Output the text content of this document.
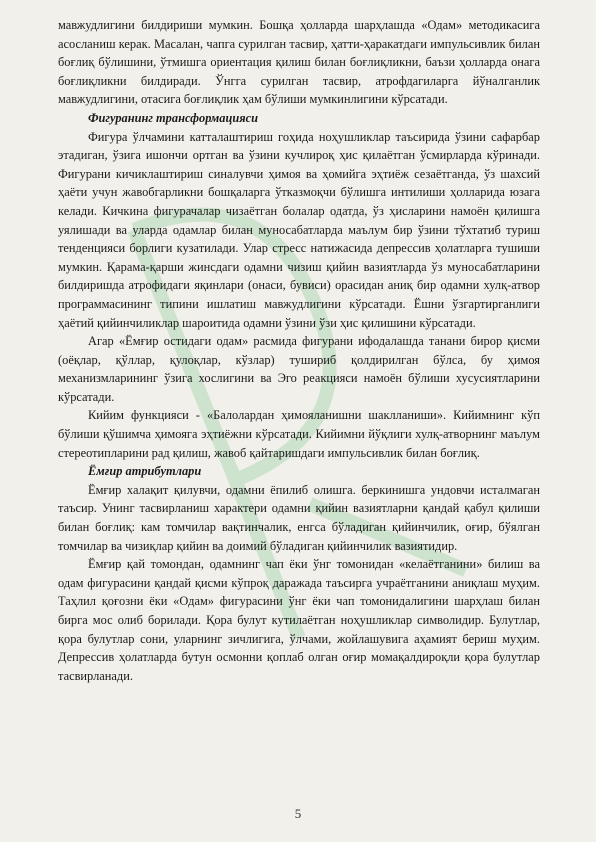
мавжудлигини билдириши мумкин. Бошқа ҳолларда шарҳлашда «Одам» методикасига асосланиш керак. Масалан, чапга сурилган тасвир, ҳатти-ҳаракатдаги импульсивлик билан боғлиқ бўлишини, ўтмишга ориентация қилиш билан боғлиқликни, баъзи ҳолларда онага боғлиқликни билдиради. Ўнгга сурилган тасвир, атрофдагиларга йўналганлик мавжудлигини, отасига боғлиқлик ҳам бўлиши мумкинлигини кўрсатади.

Фигуранинг трансформацияси

Фигура ўлчамини катталаштириш гоҳида ноҳушликлар таъсирида ўзини сафарбар этадиган, ўзига ишончи ортган ва ўзини кучлироқ ҳис қилаётган ўсмирларда кўринади. Фигурани кичиклаштириш синалувчи ҳимоя ва ҳомийга эҳтиёж сезаётганда, ўз шахсий ҳаёти учун жавобгарликни бошқаларга ўтказмоқчи бўлишга интилиши ҳолларида юзага келади. Кичкина фигурачалар чизаётган болалар одатда, ўз ҳисларини намоён қилишга уялишади ва уларда одамлар билан муносабатларда маълум бир ўзини тўхтатиб туриш тенденцияси борлиги кузатилади. Улар стресс натижасида депрессив ҳолатларга тушиши мумкин. Қарама-қарши жинсдаги одамни чизиш қийин вазиятларда ўз муносабатларини билдиришда атрофидаги яқинлари (онаси, бувиси) орасидан аниқ бир одамни хулқ-атвор программасининг типини ишлатиш мавжудлигини кўрсатади. Ёшни ўзгартирганлиги ҳаётий қийинчиликлар шароитида одамни ўзини ўзи ҳис қилишини кўрсатади.

Агар «Ёмғир остидаги одам» расмида фигурани ифодалашда танани бирор қисми (оёқлар, қўллар, қулоқлар, кўзлар) тушириб қолдирилган бўлса, бу ҳимоя механизмларининг ўзига хослигини ва Эго реакцияси намоён бўлиши хусусиятларини кўрсатади.

Кийим функцияси - «Балолардан ҳимояланишни шаклланиши». Кийимнинг кўп бўлиши қўшимча ҳимояга эҳтиёжни кўрсатади. Кийимни йўқлиги хулқ-атворнинг маълум стереотипларини рад қилиш, жавоб қайтаришдаги импульсивлик билан боғлиқ.

Ёмғир атрибутлари

Ёмғир халақит қилувчи, одамни ёпилиб олишга. беркинишга ундовчи исталмаган таъсир. Унинг тасвирланиш характери одамни қийин вазиятларни қандай қабул қилиши билан боғлиқ: кам томчилар вақтинчалик, енгса бўладиган қийинчилик, оғир, бўялган томчилар ва чизиқлар қийин ва доимий бўладиган қийинчилик вазиятидир.

Ёмғир қай томондан, одамнинг чап ёки ўнг томонидан «келаётганини» билиш ва одам фигурасини қандай қисми кўпроқ даражада таъсирга учраётганини аниқлаш муҳим. Таҳлил қоғозни ёки «Одам» фигурасини ўнг ёки чап томонидалигини шарҳлаш билан бирга мос олиб борилади. Қора булут кутилаётган ноҳушликлар символидир. Булутлар, қора булутлар сони, уларнинг зичлигига, ўлчами, жойлашувига аҳамият бериш муҳим. Депрессив ҳолатларда бутун осмонни қоплаб олган оғир момақалдироқли қора булутлар тасвирланади.

5
